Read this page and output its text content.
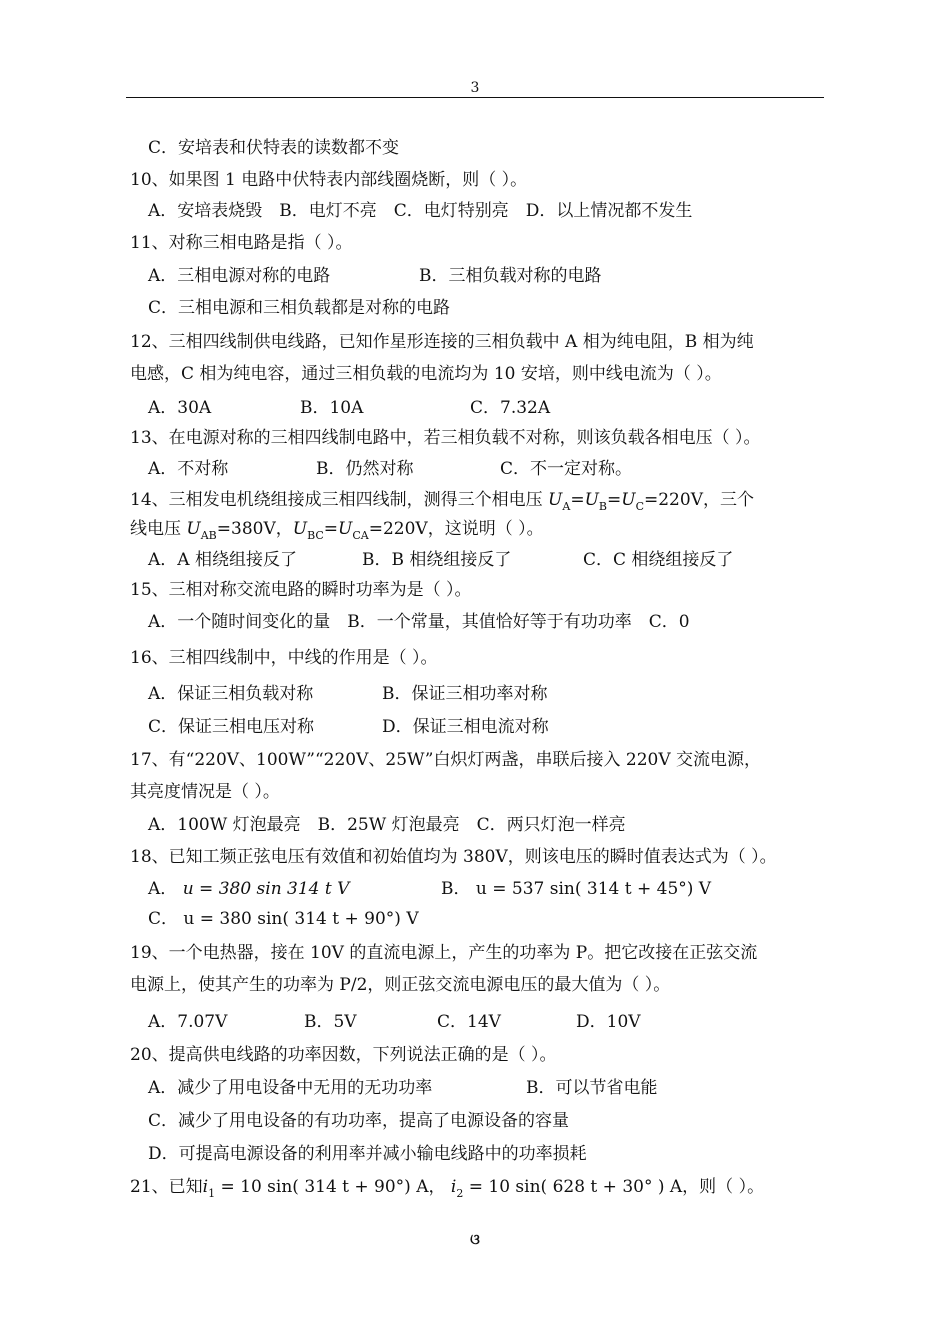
3
C．安培表和伏特表的读数都不变
10、如果图 1 电路中伏特表内部线圈烧断，则（ ）。
A．安培表烧毁　B．电灯不亮　C．电灯特别亮　D．以上情况都不发生
11、对称三相电路是指（ ）。
A．三相电源对称的电路	B．三相负载对称的电路
C．三相电源和三相负载都是对称的电路
12、三相四线制供电线路，已知作星形连接的三相负载中 A 相为纯电阻，B 相为纯
电感，C 相为纯电容，通过三相负载的电流均为 10 安培，则中线电流为（ ）。
A．30A	B．10A	C．7.32A
13、在电源对称的三相四线制电路中，若三相负载不对称，则该负载各相电压（ ）。
A．不对称	B．仍然对称	C．不一定对称。
14、三相发电机绕组接成三相四线制，测得三个相电压 $U_A=U_B=U_C=220V$，三个
线电压 $U_{AB}=380V$，$U_{BC}=U_{CA}=220V$，这说明（ ）。
A．A 相绕组接反了	B．B 相绕组接反了	C．C 相绕组接反了
15、三相对称交流电路的瞬时功率为是（ ）。
A．一个随时间变化的量　B．一个常量，其值恰好等于有功功率　C．0
16、三相四线制中，中线的作用是（ ）。
A．保证三相负载对称	B．保证三相功率对称
C．保证三相电压对称	D．保证三相电流对称
17、有“220V、100W”“220V、25W”白炽灯两盏，串联后接入 220V 交流电源，
其亮度情况是（ ）。
A．100W 灯泡最亮　B．25W 灯泡最亮　C．两只灯泡一样亮
18、已知工频正弦电压有效值和初始值均为 380V，则该电压的瞬时值表达式为（ ）。
A． u = 380 sin 314 t V	B． u = 537 sin( 314 t + 45°) V
C． u = 380 sin( 314 t + 90°) V
19、一个电热器，接在 10V 的直流电源上，产生的功率为 P。把它改接在正弦交流
电源上，使其产生的功率为 P/2，则正弦交流电源电压的最大值为（ ）。
A．7.07V	B．5V	C．14V	D．10V
20、提高供电线路的功率因数，下列说法正确的是（ ）。
A．减少了用电设备中无用的无功功率	B．可以节省电能
C．减少了用电设备的有功功率，提高了电源设备的容量
D．可提高电源设备的利用率并减小输电线路中的功率损耗
21、已知$i_1 = 10$ sin( 314 t + 90°) A， $i_2 = 10$ sin( 628 t + 30° ) A，则（ ）。
ଓ
